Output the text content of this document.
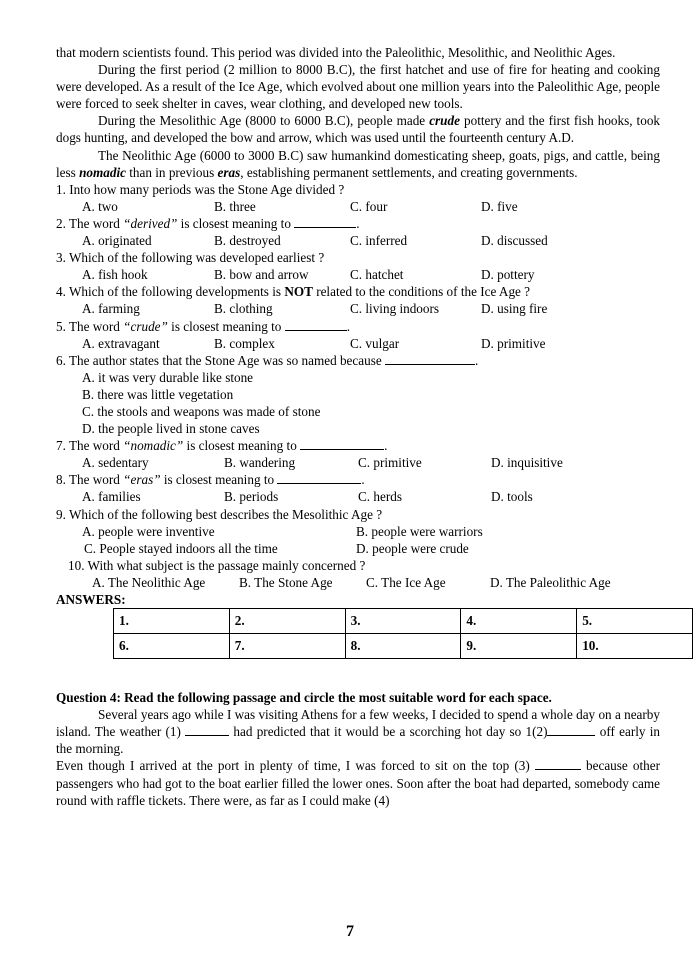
that modern scientists found. This period was divided into the Paleolithic, Mesolithic, and Neolithic Ages.

During the first period (2 million to 8000 B.C), the first hatchet and use of fire for heating and cooking were developed. As a result of the Ice Age, which evolved about one million years into the Paleolithic Age, people were forced to seek shelter in caves, wear clothing, and developed new tools.

During the Mesolithic Age (8000 to 6000 B.C), people made crude pottery and the first fish hooks, took dogs hunting, and developed the bow and arrow, which was used until the fourteenth century A.D.

The Neolithic Age (6000 to 3000 B.C) saw humankind domesticating sheep, goats, pigs, and cattle, being less nomadic than in previous eras, establishing permanent settlements, and creating governments.

1. Into how many periods was the Stone Age divided ?
A. two	B. three	C. four	D. five
2. The word “derived” is closest meaning to	.
A. originated	B. destroyed	C. inferred	D. discussed
3. Which of the following was developed earliest ?
A. fish hook	B. bow and arrow	C. hatchet	D. pottery
4. Which of the following developments is NOT related to the conditions of the Ice Age ?
A. farming	B. clothing	C. living indoors	D. using fire
5. The word “crude” is closest meaning to	.
A. extravagant	B. complex	C. vulgar	D. primitive
6. The author states that the Stone Age was so named because	.
A. it was very durable like stone
B. there was little vegetation
C. the stools and weapons was made of stone
D. the people lived in stone caves
7. The word “nomadic” is closest meaning to	.
A. sedentary	B. wandering	C. primitive	D. inquisitive
8. The word “eras” is closest meaning to	.
A. families	B. periods	C. herds	D. tools
9. Which of the following best describes the Mesolithic Age ?
A. people were inventive	B. people were warriors
C. People stayed indoors all the time	D. people were crude
10. With what subject is the passage mainly concerned ?
A. The Neolithic Age	B. The Stone Age	C. The Ice Age	D. The Paleolithic Age
ANSWERS:
1.	2.	3.	4.	5.
6.	7.	8.	9.	10.
Question 4: Read the following passage and circle the most suitable word for each space.

Several years ago while I was visiting Athens for a few weeks, I decided to spend a whole day on a nearby island. The weather (1)	had predicted that it would be a scorching hot day so 1(2)	off early in the morning.

Even though I arrived at the port in plenty of time, I was forced to sit on the top (3)	because other passengers who had got to the boat earlier filled the lower ones. Soon after the boat had departed, somebody came round with raffle tickets. There were, as far as I could make (4)

7
